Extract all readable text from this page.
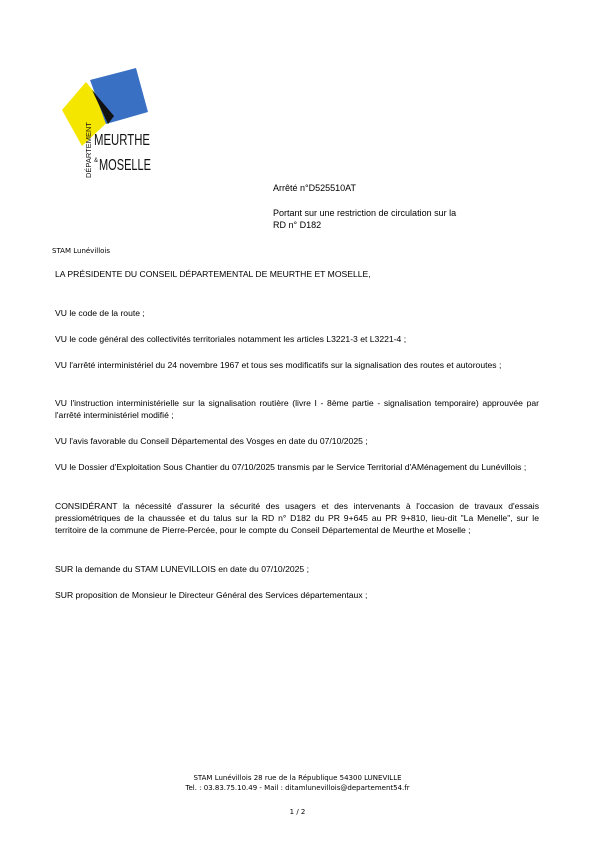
DÉPARTEMENT MEURTHE
& MOSELLE
Arrêté n°D525510AT
Portant sur une restriction de circulation sur la
RD n° D182
STAM Lunévillois
LA PRÉSIDENTE DU CONSEIL DÉPARTEMENTAL DE MEURTHE ET MOSELLE,
VU le code de la route ;
VU le code général des collectivités territoriales notamment les articles L3221-3 et L3221-4 ;
VU l'arrêté interministériel du 24 novembre 1967 et tous ses modificatifs sur la signalisation des routes et autoroutes ;
VU l'instruction interministérielle sur la signalisation routière (livre I - 8ème partie - signalisation temporaire) approuvée par l'arrêté interministériel modifié ;
VU l'avis favorable du Conseil Départemental des Vosges en date du 07/10/2025 ;
VU le Dossier d'Exploitation Sous Chantier du 07/10/2025 transmis par le Service Territorial d'AMénagement du Lunévillois ;
CONSIDÉRANT la nécessité d'assurer la sécurité des usagers et des intervenants à l'occasion de travaux d'essais pressiométriques de la chaussée et du talus sur la RD n° D182 du PR 9+645 au PR 9+810, lieu-dit "La Menelle", sur le territoire de la commune de Pierre-Percée, pour le compte du Conseil Départemental de Meurthe et Moselle ;
SUR la demande du STAM LUNEVILLOIS en date du 07/10/2025 ;
SUR proposition de Monsieur le Directeur Général des Services départementaux ;
STAM Lunévillois 28 rue de la République 54300 LUNEVILLE
Tel. : 03.83.75.10.49 - Mail : ditamlunevillois@departement54.fr
1 / 2
